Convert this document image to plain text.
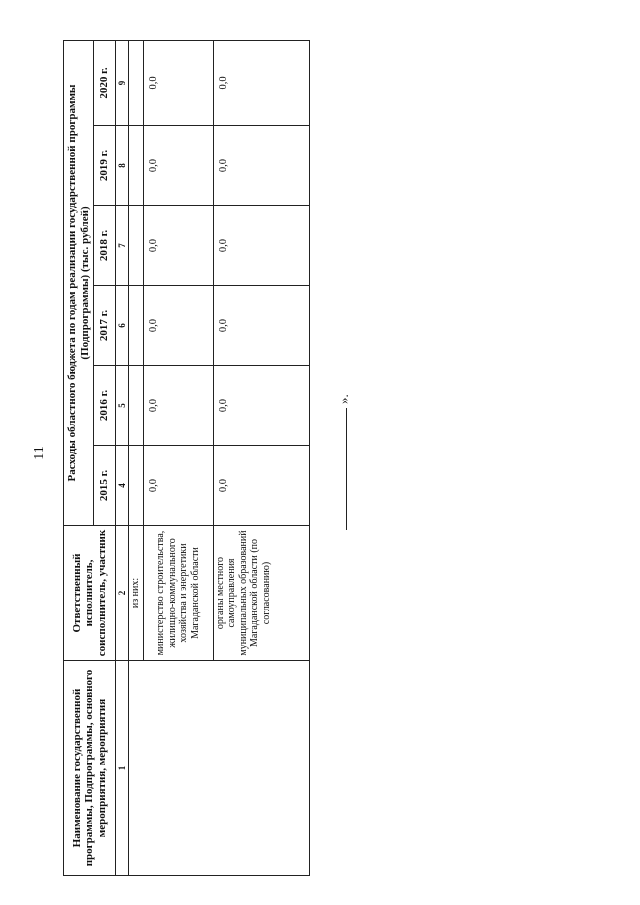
11
Наименование государственной программы, Подпрограммы, основного мероприятия, мероприятия	Ответственный исполнитель, соисполнитель, участник	Расходы областного бюджета по годам реализации государственной программы (Подпрограммы) (тыс. рублей)					
		2015 г.	2016 г.	2017 г.	2018 г.	2019 г.	2020 г.
1	2	4	5	6	7	8	9
	из них:						
	министерство строительства, жилищно-коммунального хозяйства и энергетики Магаданской области	0,0	0,0	0,0	0,0	0,0	0,0
	органы местного самоуправления муниципальных образований Магаданской области (по согласованию)	0,0	0,0	0,0	0,0	0,0	0,0
».
